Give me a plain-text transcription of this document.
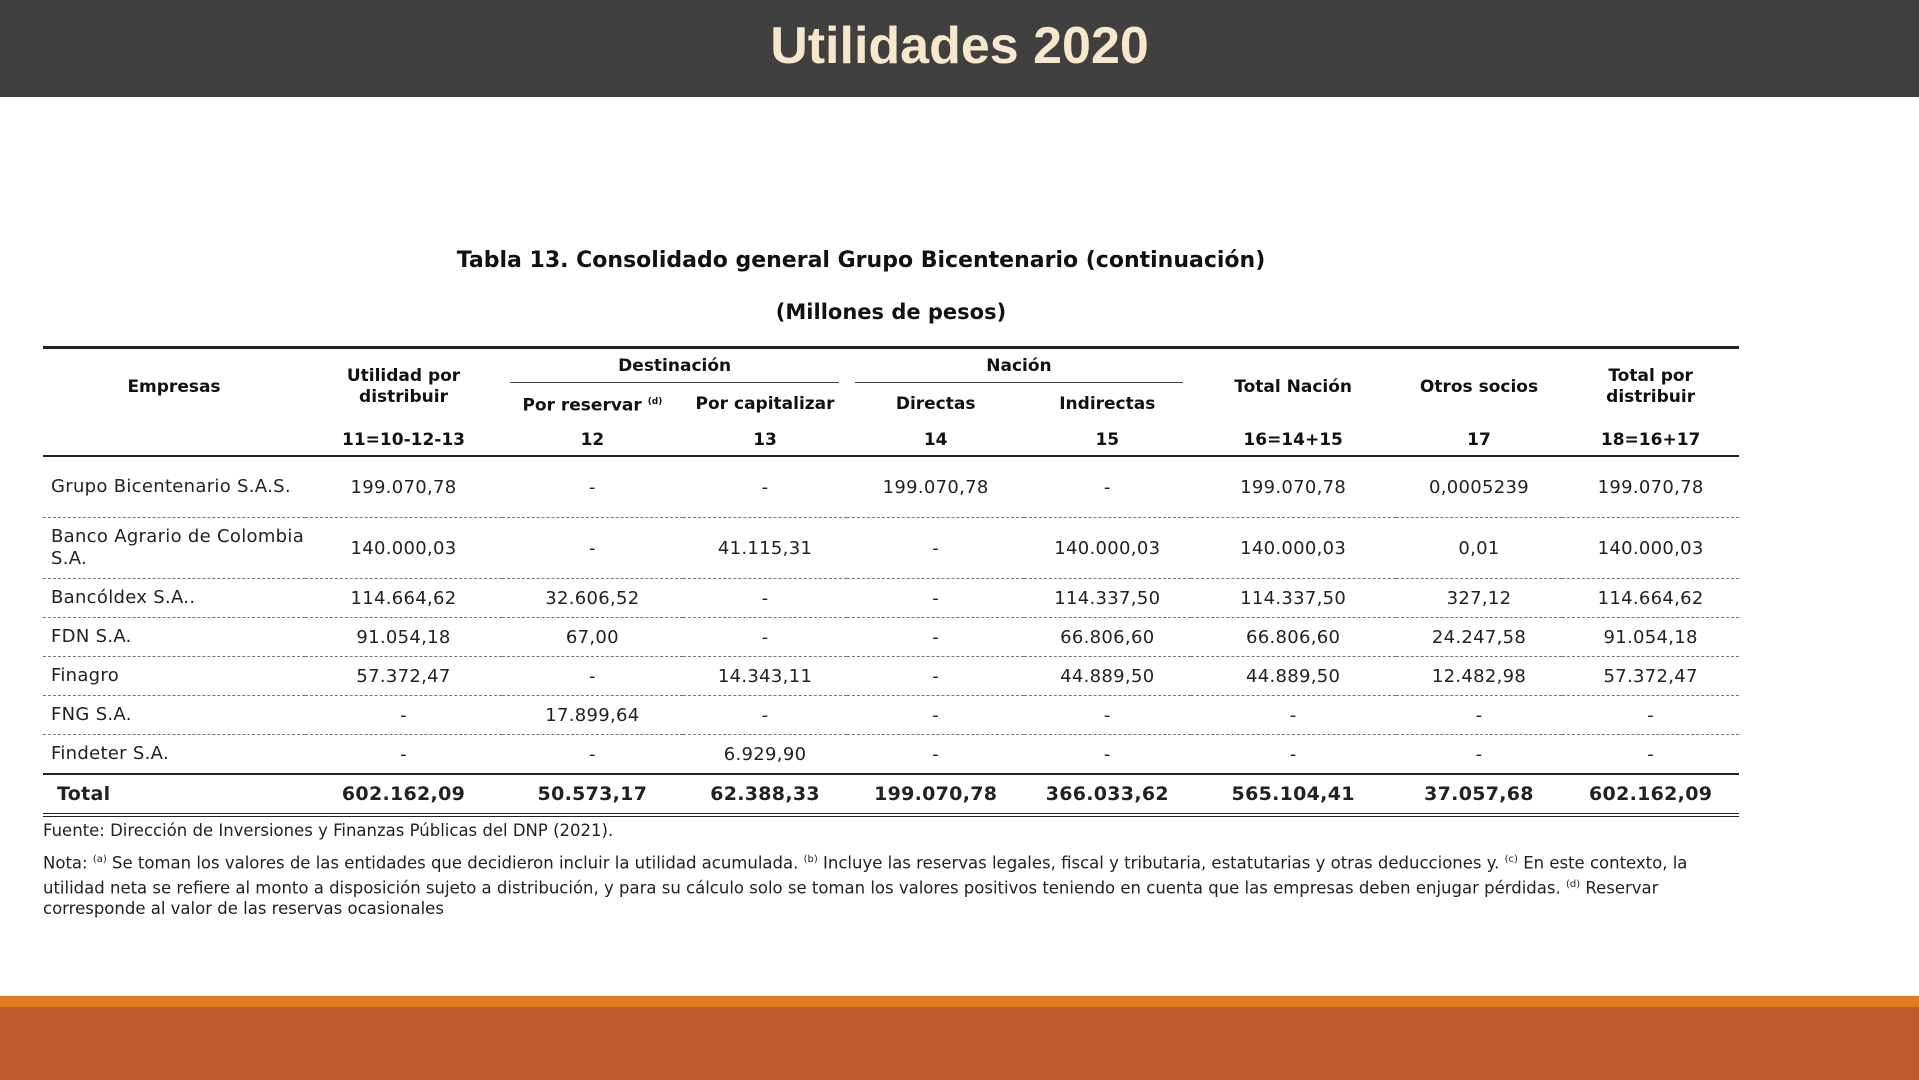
Utilidades 2020
Tabla 13. Consolidado general Grupo Bicentenario (continuación)
(Millones de pesos)
Empresas	Utilidad por distribuir	Destinación		Nación		Total Nación	Otros socios	Total por distribuir
		Por reservar $^{(d)}$	Por capitalizar	Directas	Indirectas			
	11=10-12-13	12	13	14	15	16=14+15	17	18=16+17
Grupo Bicentenario S.A.S.	199.070,78	-	-	199.070,78	-	199.070,78	0,0005239	199.070,78
Banco Agrario de Colombia S.A.	140.000,03	-	41.115,31	-	140.000,03	140.000,03	0,01	140.000,03
Bancóldex S.A..	114.664,62	32.606,52	-	-	114.337,50	114.337,50	327,12	114.664,62
FDN S.A.	91.054,18	67,00	-	-	66.806,60	66.806,60	24.247,58	91.054,18
Finagro	57.372,47	-	14.343,11	-	44.889,50	44.889,50	12.482,98	57.372,47
FNG S.A.	-	17.899,64	-	-	-	-	-	-
Findeter S.A.	-	-	6.929,90	-	-	-	-	-
Total	602.162,09	50.573,17	62.388,33	199.070,78	366.033,62	565.104,41	37.057,68	602.162,09
Fuente: Dirección de Inversiones y Finanzas Públicas del DNP (2021).
Nota: $^{(a)}$ Se toman los valores de las entidades que decidieron incluir la utilidad acumulada. $^{(b)}$ Incluye las reservas legales, fiscal y tributaria, estatutarias y otras deducciones y. $^{(c)}$ En este contexto, la utilidad neta se refiere al monto a disposición sujeto a distribución, y para su cálculo solo se toman los valores positivos teniendo en cuenta que las empresas deben enjugar pérdidas. $^{(d)}$ Reservar corresponde al valor de las reservas ocasionales
